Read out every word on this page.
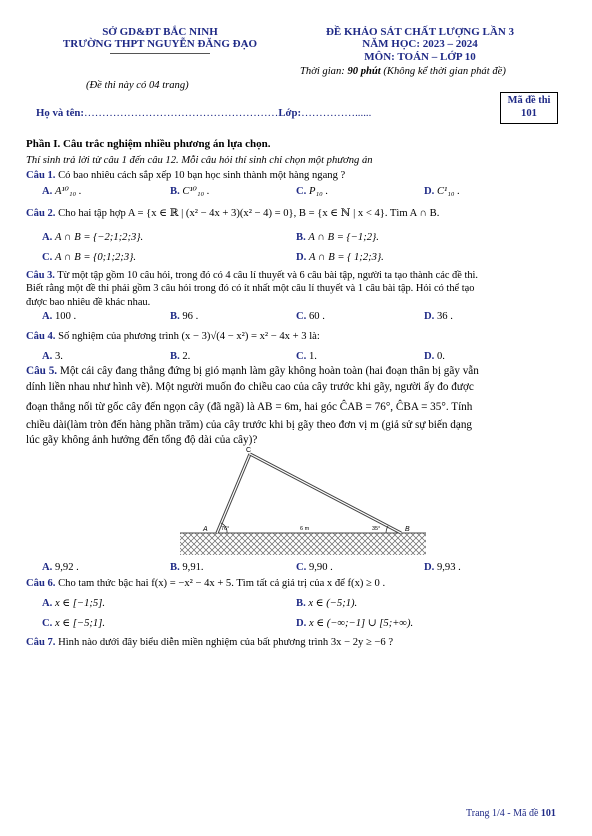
SỞ GD&ĐT BẮC NINH
TRƯỜNG THPT NGUYỄN ĐĂNG ĐẠO
(Đề thi này có 04 trang)
ĐỀ KHẢO SÁT CHẤT LƯỢNG LẦN 3
NĂM HỌC: 2023 – 2024
MÔN: TOÁN – LỚP 10
Thời gian: 90 phút (Không kể thời gian phát đề)
Mã đề thi
101
Họ và tên:………………………………………………Lớp:……………......
Phần I. Câu trắc nghiệm nhiều phương án lựa chọn.
Thí sinh trả lời từ câu 1 đến câu 12. Mỗi câu hỏi thí sinh chỉ chọn một phương án
Câu 1. Có bao nhiêu cách sắp xếp 10 bạn học sinh thành một hàng ngang ?
A. A¹⁰₁₀ .	B. C¹⁰₁₀ .	C. P₁₀ .	D. C¹₁₀ .
Câu 2. Cho hai tập hợp A = {x ∈ ℝ | (x² − 4x + 3)(x² − 4) = 0}, B = {x ∈ ℕ | x < 4}. Tìm A ∩ B.
A. A ∩ B = {−2;1;2;3}.	B. A ∩ B = {−1;2}.
C. A ∩ B = {0;1;2;3}.	D. A ∩ B = { 1;2;3}.
Câu 3. Từ một tập gồm 10 câu hỏi, trong đó có 4 câu lí thuyết và 6 câu bài tập, người ta tạo thành các đề thi.
Biết rằng một đề thi phải gồm 3 câu hỏi trong đó có ít nhất một câu lí thuyết và 1 câu bài tập. Hỏi có thể tạo
được bao nhiêu đề khác nhau.
A. 100 .	B. 96 .	C. 60 .	D. 36 .
Câu 4. Số nghiệm của phương trình (x − 3)√(4 − x²) = x² − 4x + 3 là:
A. 3.	B. 2.	C. 1.	D. 0.
Câu 5. Một cái cây đang thẳng đứng bị gió mạnh làm gãy không hoàn toàn (hai đoạn thân bị gãy vẫn
dính liền nhau như hình vẽ). Một người muốn đo chiều cao của cây trước khi gãy, người ấy đo được
đoạn thẳng nối từ gốc cây đến ngọn cây (đã ngã) là AB = 6m, hai góc ĈAB = 76°, ĈBA = 35°. Tính
chiều dài(làm tròn đến hàng phần trăm) của cây trước khi bị gãy theo đơn vị m (giả sử sự biến dạng
lúc gãy không ảnh hưởng đến tổng độ dài của cây)?
C
A	B
76°	35°
6 m
A. 9,92 .	B. 9,91.	C. 9,90 .	D. 9,93 .
Câu 6. Cho tam thức bậc hai f(x) = −x² − 4x + 5. Tìm tất cả giá trị của x để f(x) ≥ 0 .
A. x ∈ [−1;5].	B. x ∈ (−5;1).
C. x ∈ [−5;1].	D. x ∈ (−∞;−1] ∪ [5;+∞).
Câu 7. Hình nào dưới đây biểu diễn miền nghiệm của bất phương trình 3x − 2y ≥ −6 ?
Trang 1/4 - Mã đề 101
